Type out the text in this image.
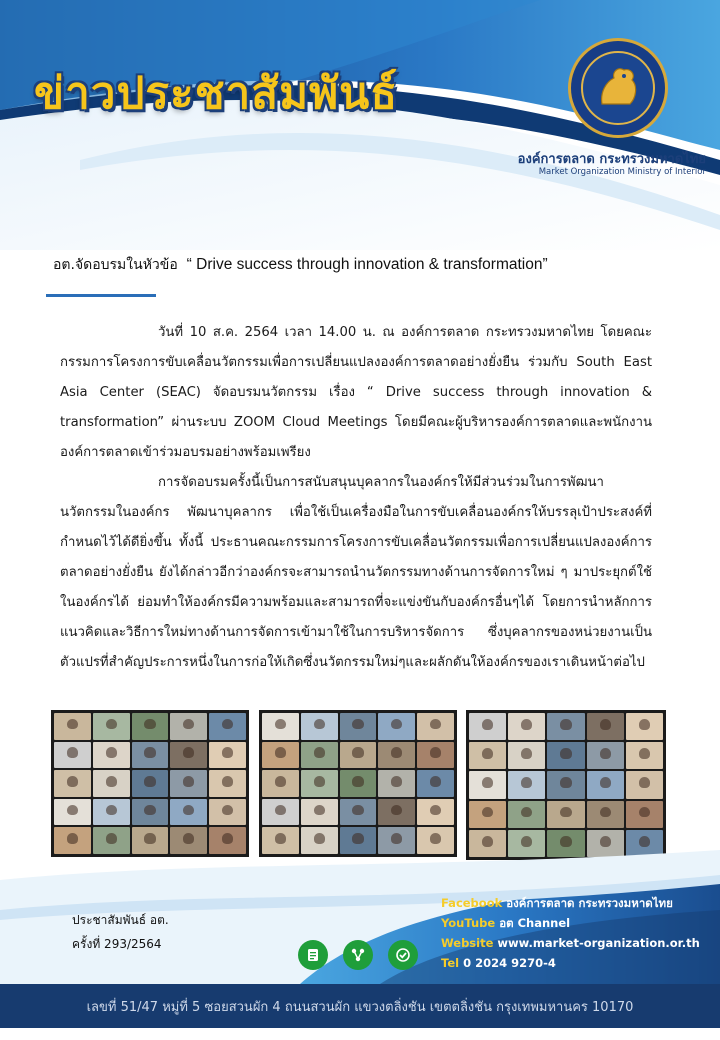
ข่าวประชาสัมพันธ์
องค์การตลาด กระทรวงมหาดไทย
Market Organization Ministry of Interior
อต.จัดอบรมในหัวข้อ “ Drive success through innovation & transformation”

วันที่ 10 ส.ค. 2564 เวลา 14.00 น. ณ องค์การตลาด กระทรวงมหาดไทย โดยคณะกรรมการโครงการขับเคลื่อนวัตกรรมเพื่อการเปลี่ยนแปลงองค์การตลาดอย่างยั่งยืน ร่วมกับ South East Asia Center (SEAC) จัดอบรมนวัตกรรม เรื่อง “ Drive success through innovation & transformation” ผ่านระบบ ZOOM Cloud Meetings โดยมีคณะผู้บริหารองค์การตลาดและพนักงานองค์การตลาดเข้าร่วมอบรมอย่างพร้อมเพรียง

การจัดอบรมครั้งนี้เป็นการสนับสนุนบุคลากรในองค์กรให้มีส่วนร่วมในการพัฒนานวัตกรรมในองค์กร พัฒนาบุคลากร เพื่อใช้เป็นเครื่องมือในการขับเคลื่อนองค์กรให้บรรลุเป้าประสงค์ที่กำหนดไว้ได้ดียิ่งขึ้น ทั้งนี้ ประธานคณะกรรมการโครงการขับเคลื่อนวัตกรรมเพื่อการเปลี่ยนแปลงองค์การตลาดอย่างยั่งยืน ยังได้กล่าวอีกว่าองค์กรจะสามารถนำนวัตกรรมทางด้านการจัดการใหม่ ๆ มาประยุกต์ใช้ในองค์กรได้ ย่อมทำให้องค์กรมีความพร้อมและสามารถที่จะแข่งขันกับองค์กรอื่นๆได้ โดยการนำหลักการแนวคิดและวิธีการใหม่ทางด้านการจัดการเข้ามาใช้ในการบริหารจัดการ ซึ่งบุคลากรของหน่วยงานเป็นตัวแปรที่สำคัญประการหนึ่งในการก่อให้เกิดซึ่งนวัตกรรมใหม่ๆและผลักดันให้องค์กรของเราเดินหน้าต่อไป

ประชาสัมพันธ์ อต.
ครั้งที่ 293/2564
Facebook องค์การตลาด กระทรวงมหาดไทย
YouTube อต Channel
Website www.market-organization.or.th
Tel 0 2024 9270-4
เลขที่ 51/47 หมู่ที่ 5 ซอยสวนผัก 4 ถนนสวนผัก แขวงตลิ่งชัน เขตตลิ่งชัน กรุงเทพมหานคร 10170
